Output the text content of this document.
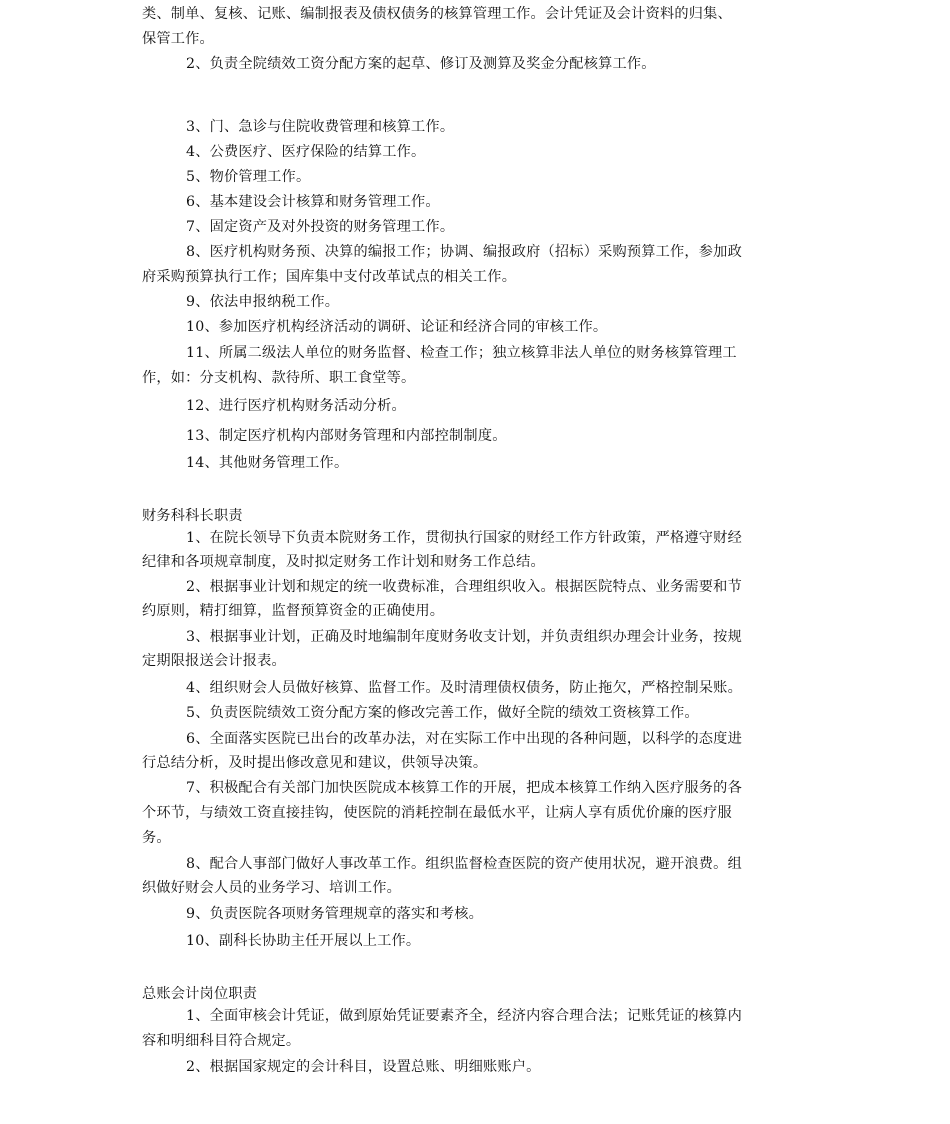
类、制单、复核、记账、编制报表及债权债务的核算管理工作。会计凭证及会计资料的归集、
保管工作。
2、负责全院绩效工资分配方案的起草、修订及测算及奖金分配核算工作。
3、门、急诊与住院收费管理和核算工作。
4、公费医疗、医疗保险的结算工作。
5、物价管理工作。
6、基本建设会计核算和财务管理工作。
7、固定资产及对外投资的财务管理工作。
8、医疗机构财务预、决算的编报工作；协调、编报政府（招标）采购预算工作，参加政
府采购预算执行工作；国库集中支付改革试点的相关工作。
9、依法申报纳税工作。
10、参加医疗机构经济活动的调研、论证和经济合同的审核工作。
11、所属二级法人单位的财务监督、检查工作；独立核算非法人单位的财务核算管理工
作，如：分支机构、款待所、职工食堂等。
12、进行医疗机构财务活动分析。
13、制定医疗机构内部财务管理和内部控制制度。
14、其他财务管理工作。
财务科科长职责
1、在院长领导下负责本院财务工作，贯彻执行国家的财经工作方针政策，严格遵守财经
纪律和各项规章制度，及时拟定财务工作计划和财务工作总结。
2、根据事业计划和规定的统一收费标准，合理组织收入。根据医院特点、业务需要和节
约原则，精打细算，监督预算资金的正确使用。
3、根据事业计划，正确及时地编制年度财务收支计划，并负责组织办理会计业务，按规
定期限报送会计报表。
4、组织财会人员做好核算、监督工作。及时清理债权债务，防止拖欠，严格控制呆账。
5、负责医院绩效工资分配方案的修改完善工作，做好全院的绩效工资核算工作。
6、全面落实医院已出台的改革办法，对在实际工作中出现的各种问题，以科学的态度进
行总结分析，及时提出修改意见和建议，供领导决策。
7、积极配合有关部门加快医院成本核算工作的开展，把成本核算工作纳入医疗服务的各
个环节，与绩效工资直接挂钩，使医院的消耗控制在最低水平，让病人享有质优价廉的医疗服
务。
8、配合人事部门做好人事改革工作。组织监督检查医院的资产使用状况，避开浪费。组
织做好财会人员的业务学习、培训工作。
9、负责医院各项财务管理规章的落实和考核。
10、副科长协助主任开展以上工作。
总账会计岗位职责
1、全面审核会计凭证，做到原始凭证要素齐全，经济内容合理合法；记账凭证的核算内
容和明细科目符合规定。
2、根据国家规定的会计科目，设置总账、明细账账户。
